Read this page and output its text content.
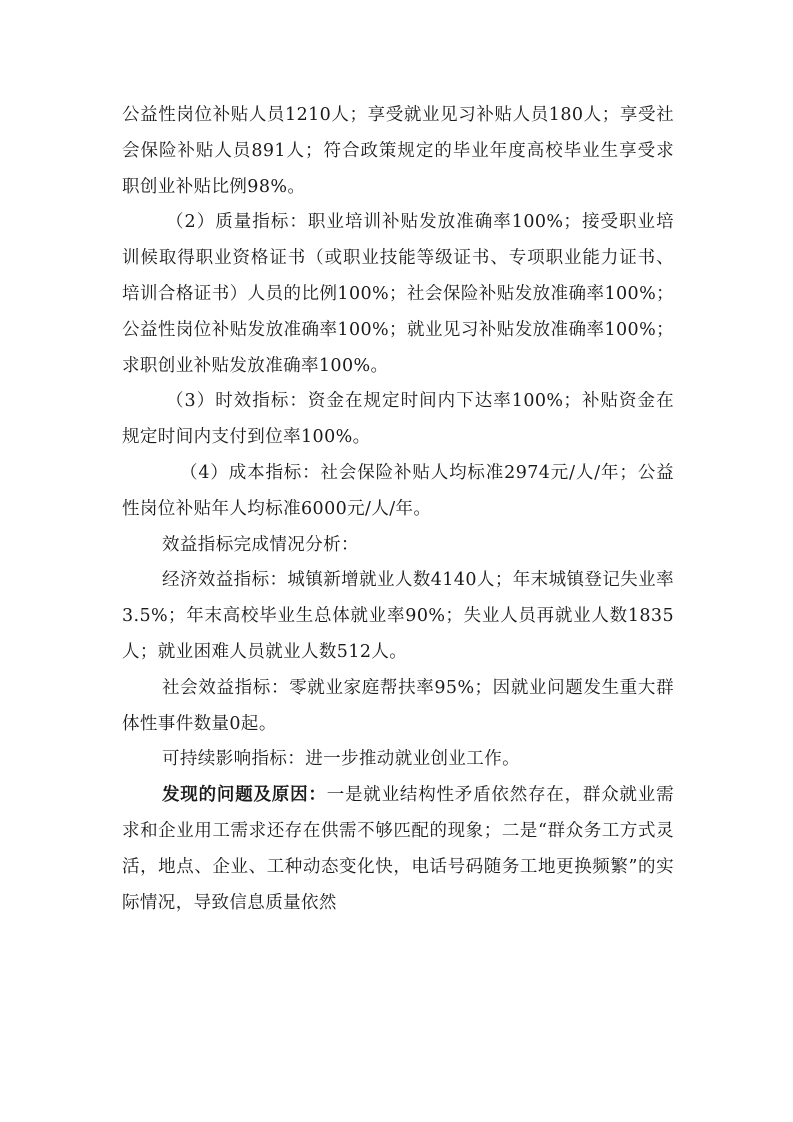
公益性岗位补贴人员1210人；享受就业见习补贴人员180人；享受社会保险补贴人员891人；符合政策规定的毕业年度高校毕业生享受求职创业补贴比例98%。

（2）质量指标：职业培训补贴发放准确率100%；接受职业培训候取得职业资格证书（或职业技能等级证书、专项职业能力证书、培训合格证书）人员的比例100%；社会保险补贴发放准确率100%；公益性岗位补贴发放准确率100%；就业见习补贴发放准确率100%；求职创业补贴发放准确率100%。

（3）时效指标：资金在规定时间内下达率100%；补贴资金在规定时间内支付到位率100%。

（4）成本指标：社会保险补贴人均标准2974元/人/年；公益性岗位补贴年人均标准6000元/人/年。

效益指标完成情况分析：

经济效益指标：城镇新增就业人数4140人；年末城镇登记失业率3.5%；年末高校毕业生总体就业率90%；失业人员再就业人数1835人；就业困难人员就业人数512人。

社会效益指标：零就业家庭帮扶率95%；因就业问题发生重大群体性事件数量0起。

可持续影响指标：进一步推动就业创业工作。

发现的问题及原因：一是就业结构性矛盾依然存在，群众就业需求和企业用工需求还存在供需不够匹配的现象；二是“群众务工方式灵活，地点、企业、工种动态变化快，电话号码随务工地更换频繁”的实际情况，导致信息质量依然
